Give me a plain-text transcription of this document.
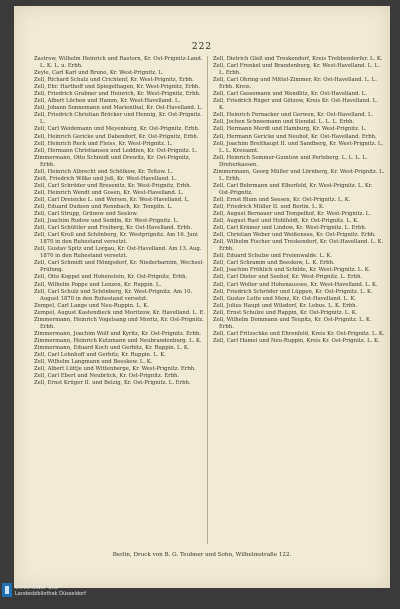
222

Zastrow, Wilhelm Heinrich und Rastorn, Kr. Ost-Prignitz-Land. L. K. L. u. Erbh.

Zeyle, Carl Karl und Bruno, Kr. West-Prignitz. L.

Zell, Richard Schulz und Crichtenf, Kr. West-Prignitz, Erbh.

Zell, Ehr. Harthoff und Spiegelhagen, Kr. West-Prignitz, Erbh.

Zell, Friedrich Grabner und Heinrich, Kr. West-Prignitz, Erbh.

Zell, Albert Löchen und Hamm, Kr. West-Havelland. L.

Zell, Johann Sonnemann und Marienthal, Kr. Ost-Havelland. L.

Zell, Friedrich Christian Bröcker und Hennig, Kr. Ost-Prignitz. L.

Zell, Carl Weidemann und Meyenburg, Kr. Ost-Prignitz. Erbh.

Zell, Heinrich Gericke und Dabendorf, Kr. Ost-Prignitz, Erbh.

Zell, Heinrich Reck und Fleiss, Kr. West-Prignitz. L.

Zell, Hermann Christiansen und Leddien, Kr. Ost-Prignitz. L.

Zimmermann, Otto Schmidt und Drewitz, Kr. Ost-Prignitz, Erbh.

Zell, Heinrich Albrecht und Schölkow, Kr. Teltow. L.

Zeiß, Friedrich Wilke und Jeß, Kr. West-Havelland. L.

Zell, Carl Schröder und Bresenitz, Kr. West-Prignitz, Erbh.

Zell, Heinrich Wendt und Gosen, Kr. West-Havelland. L.

Zell, Carl Dreisicke L. und Wersen, Kr. West-Havelland. L.

Zell, Eduard Dudzen und Rennbach, Kr. Templin. L.

Zell, Carl Strupp, Grünow und Seelow.

Zell, Joachim Rudow und Seddin, Kr. West-Prignitz. L.

Zell, Carl Schüttler und Freiberg, Kr. Ost-Havelland. Erbh.

Zell, Carl Kroll und Schönberg, Kr. Westprignitz. Am 16. Juni 1870 in den Ruhestand versetzt.

Zell, Gustav Spitz und Lorgau, Kr. Ost-Havelland. Am 13. Aug. 1870 in den Ruhestand versetzt.

Zell, Carl Schmidt und Hönigsdorf, Kr. Niederbarnim, Wechsel-Prüfung.

Zell, Otto Koppel und Hohenstein, Kr. Ost-Prignitz, Erbh.

Zell, Wilhelm Poppe und Lenzen, Kr. Ruppin. L.

Zell, Carl Schulz und Schönberg, Kr. West-Prignitz. Am 10. August 1870 in den Ruhestand versetzt.

Zempel, Carl Lange und Neu-Ruppin. L. K.

Zempel, August Kastendieck und Moritzow, Kr. Havelland. L. E.

Zimmermann, Heinrich Vogelsang und Moritz, Kr. Ost-Prignitz. Erbh.

Zimmermann, Joachim Wolf und Kyritz, Kr. Ost-Prignitz. Erbh.

Zimmermann, Heinrich Kutzmann und Neubrandenburg. L. K.

Zimmermann, Eduard Koch und Gerbitz, Kr. Ruppin. L. K.

Zell, Carl Lehnhoff und Gerbitz, Kr. Ruppin. L. K.

Zell, Wilhelm Langmann und Beeskow. L. K.

Zell, Albert Lüttje und Wittenberge, Kr. West-Prignitz. Erbh.

Zell, Carl Ebert und Neubrück, Kr. Ost-Prignitz. Erbh.

Zell, Ernst Krüger II. und Belzig, Kr. Ost-Prignitz. L. Erbh.

Zell, Dietrich Gleß und Treskendorf, Kreis Trebbendorfer. L. K.

Zell, Carl Frenkel und Brandenburg, Kr. West-Havelland. L. L. L. Erbh.

Zell, Carl Ohring und Mittel-Zimmer, Kr. Ost-Havelland. L. L. Erbh. Kreis.

Zell, Carl Gassemann und Wendlitz, Kr. Ost-Havelland. L.

Zell, Friedrich Rüger und Götzow, Kreis Kr. Ost-Havelland. L. K.

Zell, Heinrich Fernacker und Gerwen, Kr. Ost-Havelland. L.

Zell, Jochen Schneemann und Stendal. L. L. L. Erbh.

Zell, Hermann Merdt und Hamburg, Kr. West-Prignitz. L.

Zell, Hermann Gericke und Neuhof, Kr. Ost-Havelland. Erbh.

Zell, Joachim Breithaupt II. und Sandberg, Kr. West-Prignitz. L. L. L. Kreisamt.

Zell, Heinrich Sommer-Gumtow und Perleberg. L. L. L. L. Dreherkassen.

Zimmermann, Georg Müller und Lörnberg, Kr. West-Prignitz. L. L. Erbh.

Zell, Carl Behrmann und Elberfeld, Kr. West-Prignitz. L. Kr. Ost-Prignitz.

Zell, Ernst Blum und Seesen, Kr. Ost-Prignitz. L. K.

Zell, Friedrich Müller II. und Berlin. L. K.

Zell, August Bernauer und Tempelhof, Kr. West-Prignitz. L.

Zell, August Rast und Hohlfeldt, Kr. Ost-Prignitz. L. K.

Zell, Carl Krämer und Lindow, Kr. West-Prignitz. L. Erbh.

Zell, Christian Weber und Weißensee, Kr. Ost-Prignitz. Erbh.

Zell, Wilhelm Fischer und Treskendorf, Kr. Ost-Havelland. L. K. Erbh.

Zell, Eduard Schulze und Freienwalde. L. K.

Zell, Carl Schramm und Beeskow, L. K. Erbh.

Zell, Joachim Fröhlich und Schilde, Kr. West-Prignitz. L. K.

Zell, Carl Dieter und Seehof, Kr. West-Prignitz. L. Erbh.

Zell, Carl Wolter und Hohenaussee, Kr. West-Havelland. L. K.

Zell, Friedrich Schröder und Lüppen, Kr. Ost-Prignitz. L. K.

Zell, Gustav Lotte und Menz, Kr. Ost-Havelland. L. K.

Zell, Julius Haupt und Wilsdorf, Kr. Lebus. L. K. Erbh.

Zell, Ernst Schulze und Rappin, Kr. Ost-Prignitz. L. K.

Zell, Wilhelm Dommann und Teupitz, Kr. Ost-Prignitz. L. K. Erbh.

Zell, Carl Fritzschke und Ehrenfeld, Kreis Kr. Ost-Prignitz. L. K.

Zell, Carl Hamel und Neu-Ruppin, Kreis Kr. Ost-Prignitz. L. K.

Berlin, Druck von B. G. Teubner und Sohn, Wilhelmstraße 122.
Universitäts- und
Landesbibliothek Düsseldorf
